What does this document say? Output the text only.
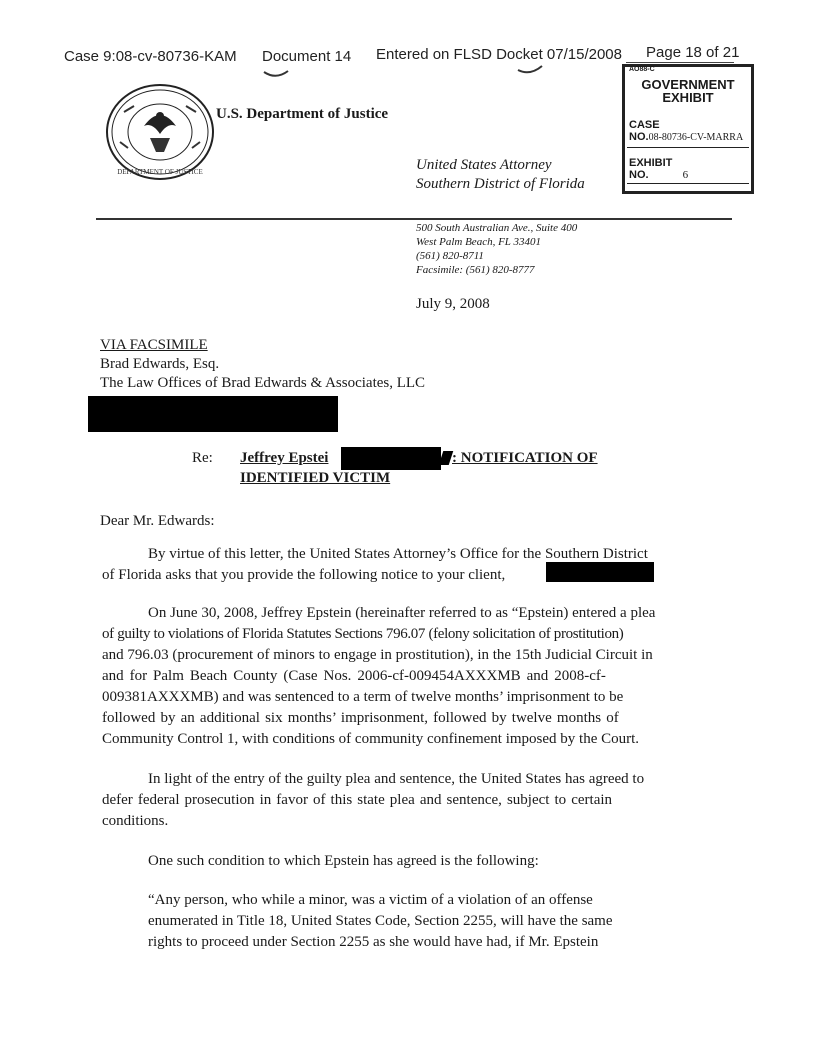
Case 9:08-cv-80736-KAM Document 14 Entered on FLSD Docket 07/15/2008 Page 18 of 21
AO88-C
GOVERNMENT
EXHIBIT
CASE
NO.08-80736-CV-MARRA
EXHIBIT
NO.	6
DEPARTMENT OF JUSTICE
U.S. Department of Justice
United States Attorney
Southern District of Florida
500 South Australian Ave., Suite 400
West Palm Beach, FL 33401
(561) 820-8711
Facsimile: (561) 820-8777
July 9, 2008
VIA FACSIMILE
Brad Edwards, Esq.
The Law Offices of Brad Edwards & Associates, LLC
Re: Jeffrey Epstei	: NOTIFICATION OF
IDENTIFIED VICTIM
Dear Mr. Edwards:
By virtue of this letter, the United States Attorney’s Office for the Southern District
of Florida asks that you provide the following notice to your client,
On June 30, 2008, Jeffrey Epstein (hereinafter referred to as “Epstein) entered a plea
of guilty to violations of Florida Statutes Sections 796.07 (felony solicitation of prostitution)
and 796.03 (procurement of minors to engage in prostitution), in the 15th Judicial Circuit in
and for Palm Beach County (Case Nos. 2006-cf-009454AXXXMB and 2008-cf-
009381AXXXMB) and was sentenced to a term of twelve months’ imprisonment to be
followed by an additional six months’ imprisonment, followed by twelve months of
Community Control 1, with conditions of community confinement imposed by the Court.
In light of the entry of the guilty plea and sentence, the United States has agreed to
defer federal prosecution in favor of this state plea and sentence, subject to certain
conditions.
One such condition to which Epstein has agreed is the following:
“Any person, who while a minor, was a victim of a violation of an offense
enumerated in Title 18, United States Code, Section 2255, will have the same
rights to proceed under Section 2255 as she would have had, if Mr. Epstein
